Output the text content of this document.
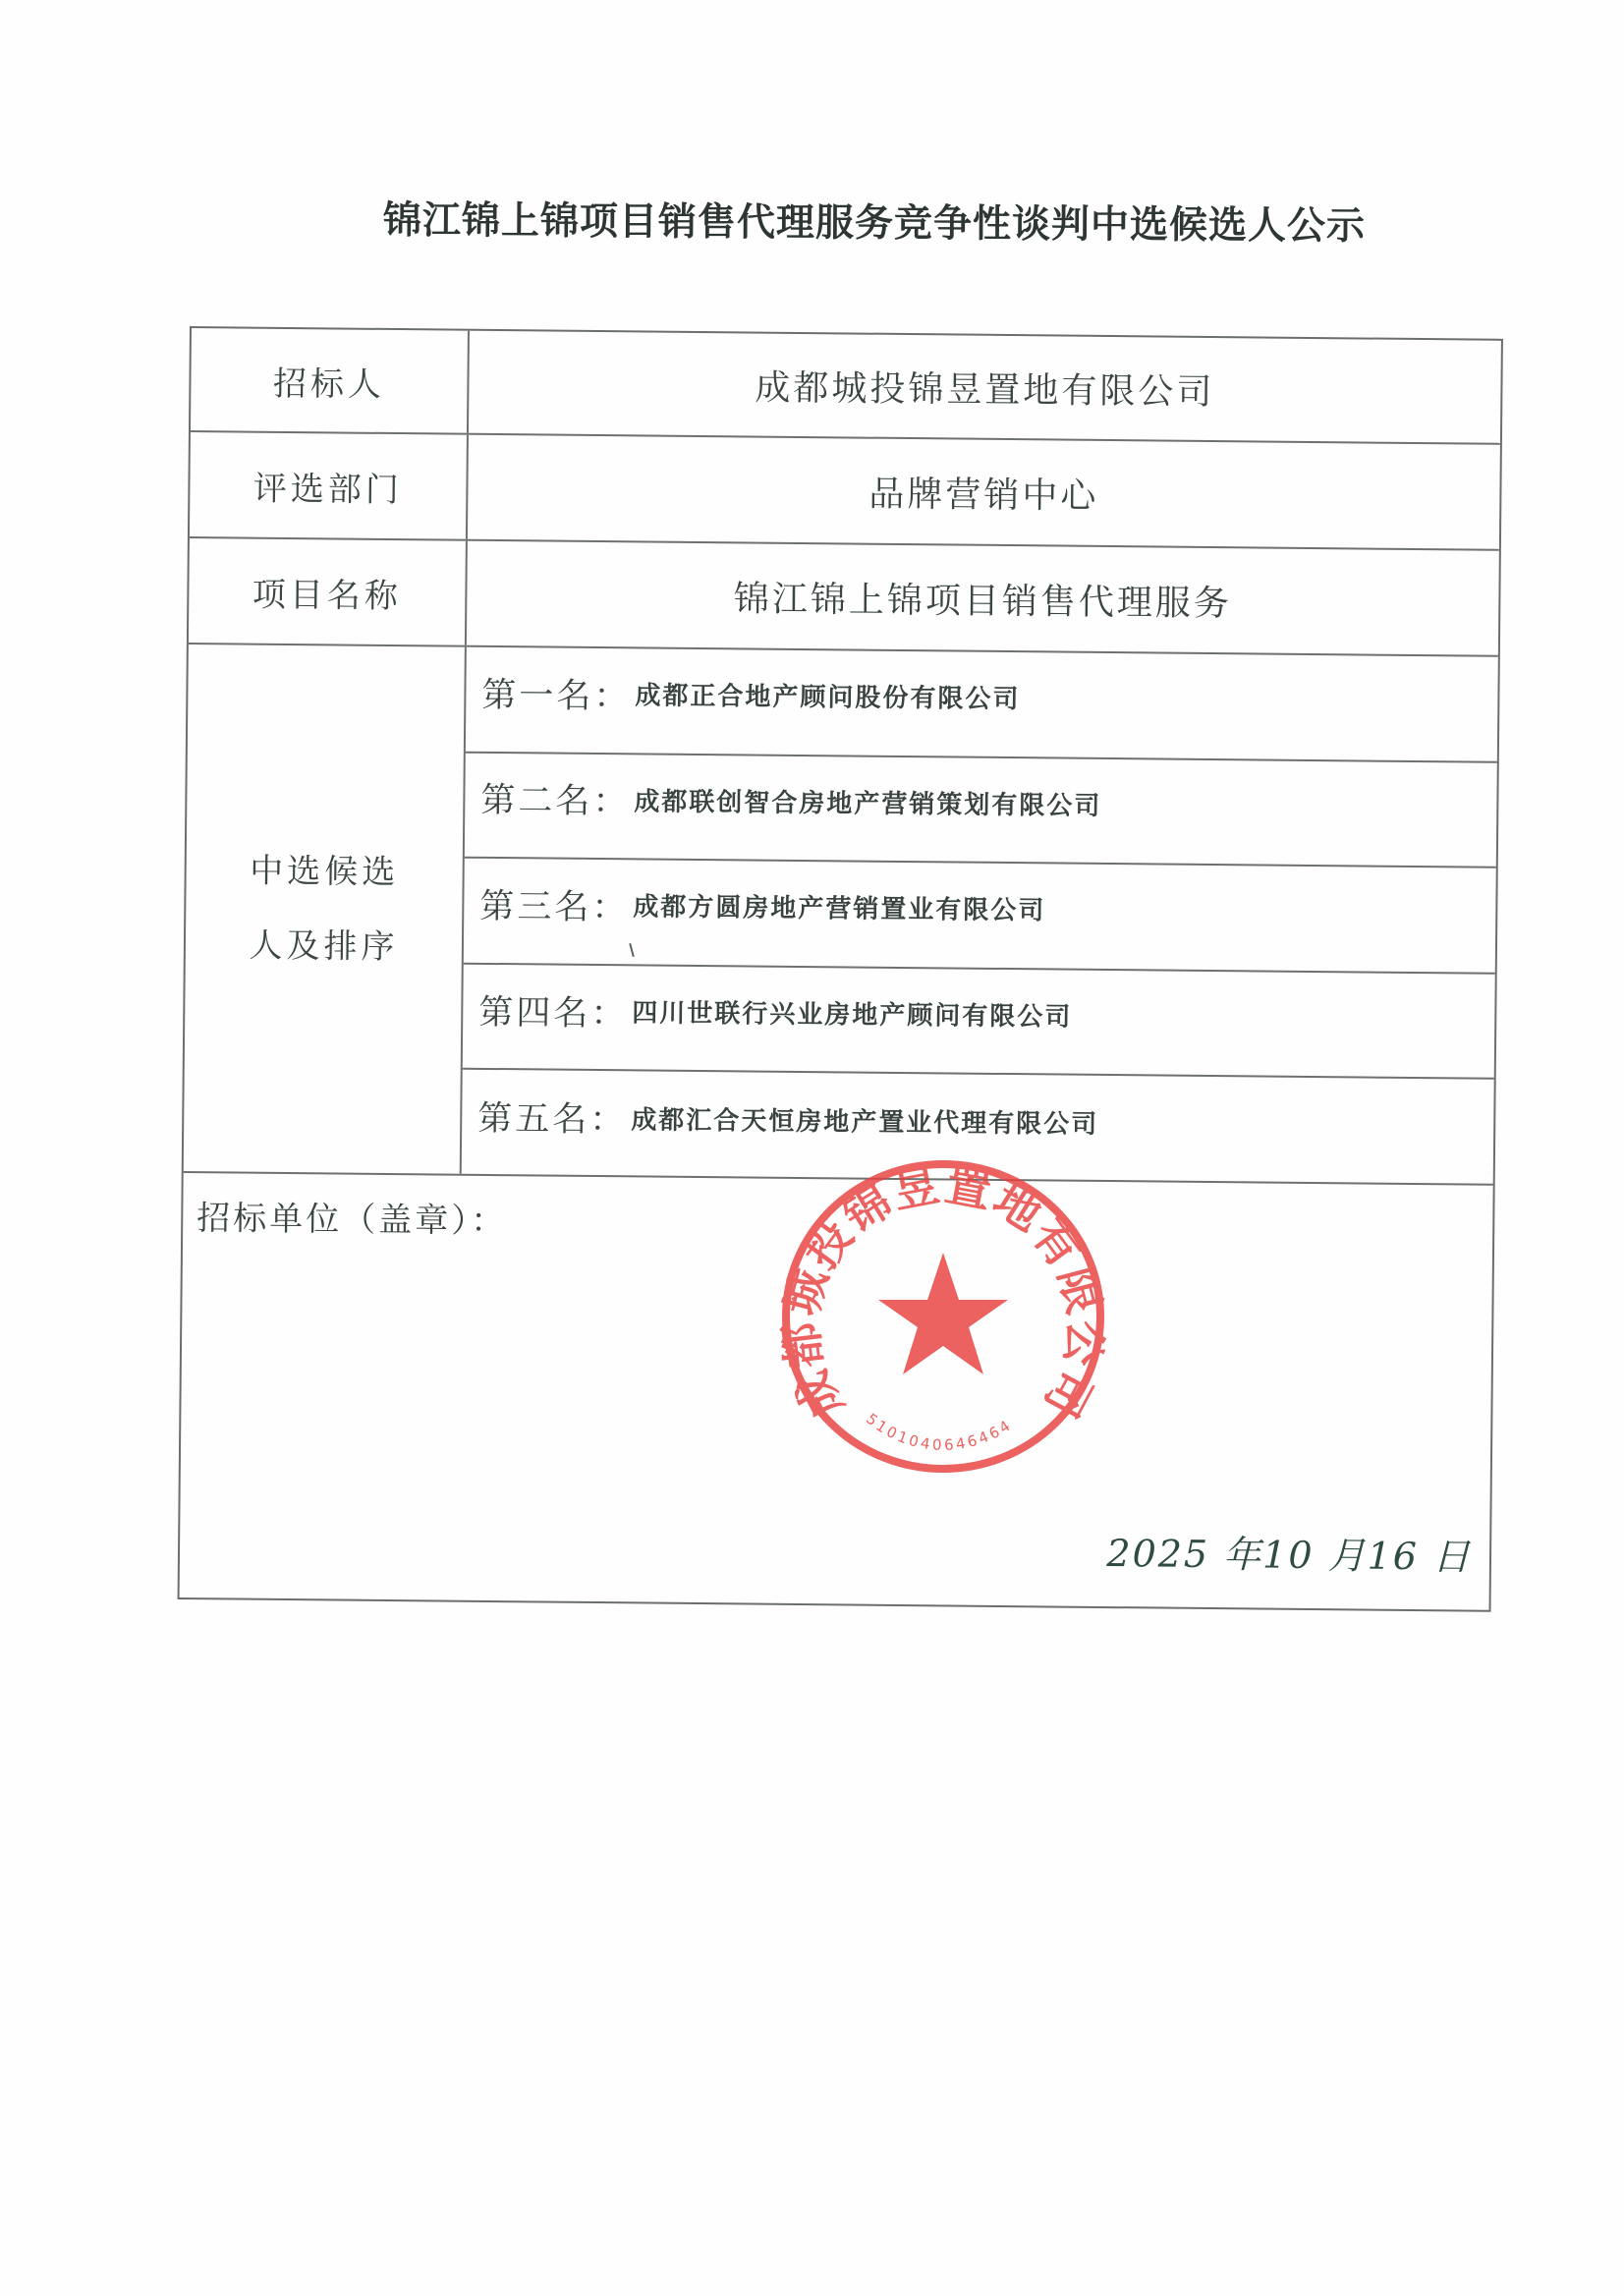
锦江锦上锦项目销售代理服务竞争性谈判中选候选人公示
招标人	成都城投锦昱置地有限公司
评选部门	品牌营销中心
项目名称	锦江锦上锦项目销售代理服务
中选候选
人及排序
第一名： 成都正合地产顾问股份有限公司
第二名： 成都联创智合房地产营销策划有限公司
第三名： 成都方圆房地产营销置业有限公司
第四名： 四川世联行兴业房地产顾问有限公司
第五名： 成都汇合天恒房地产置业代理有限公司
招标单位（盖章）：
2025 年10 月16 日
成都城投锦昱置地有限公司
5101040646464
